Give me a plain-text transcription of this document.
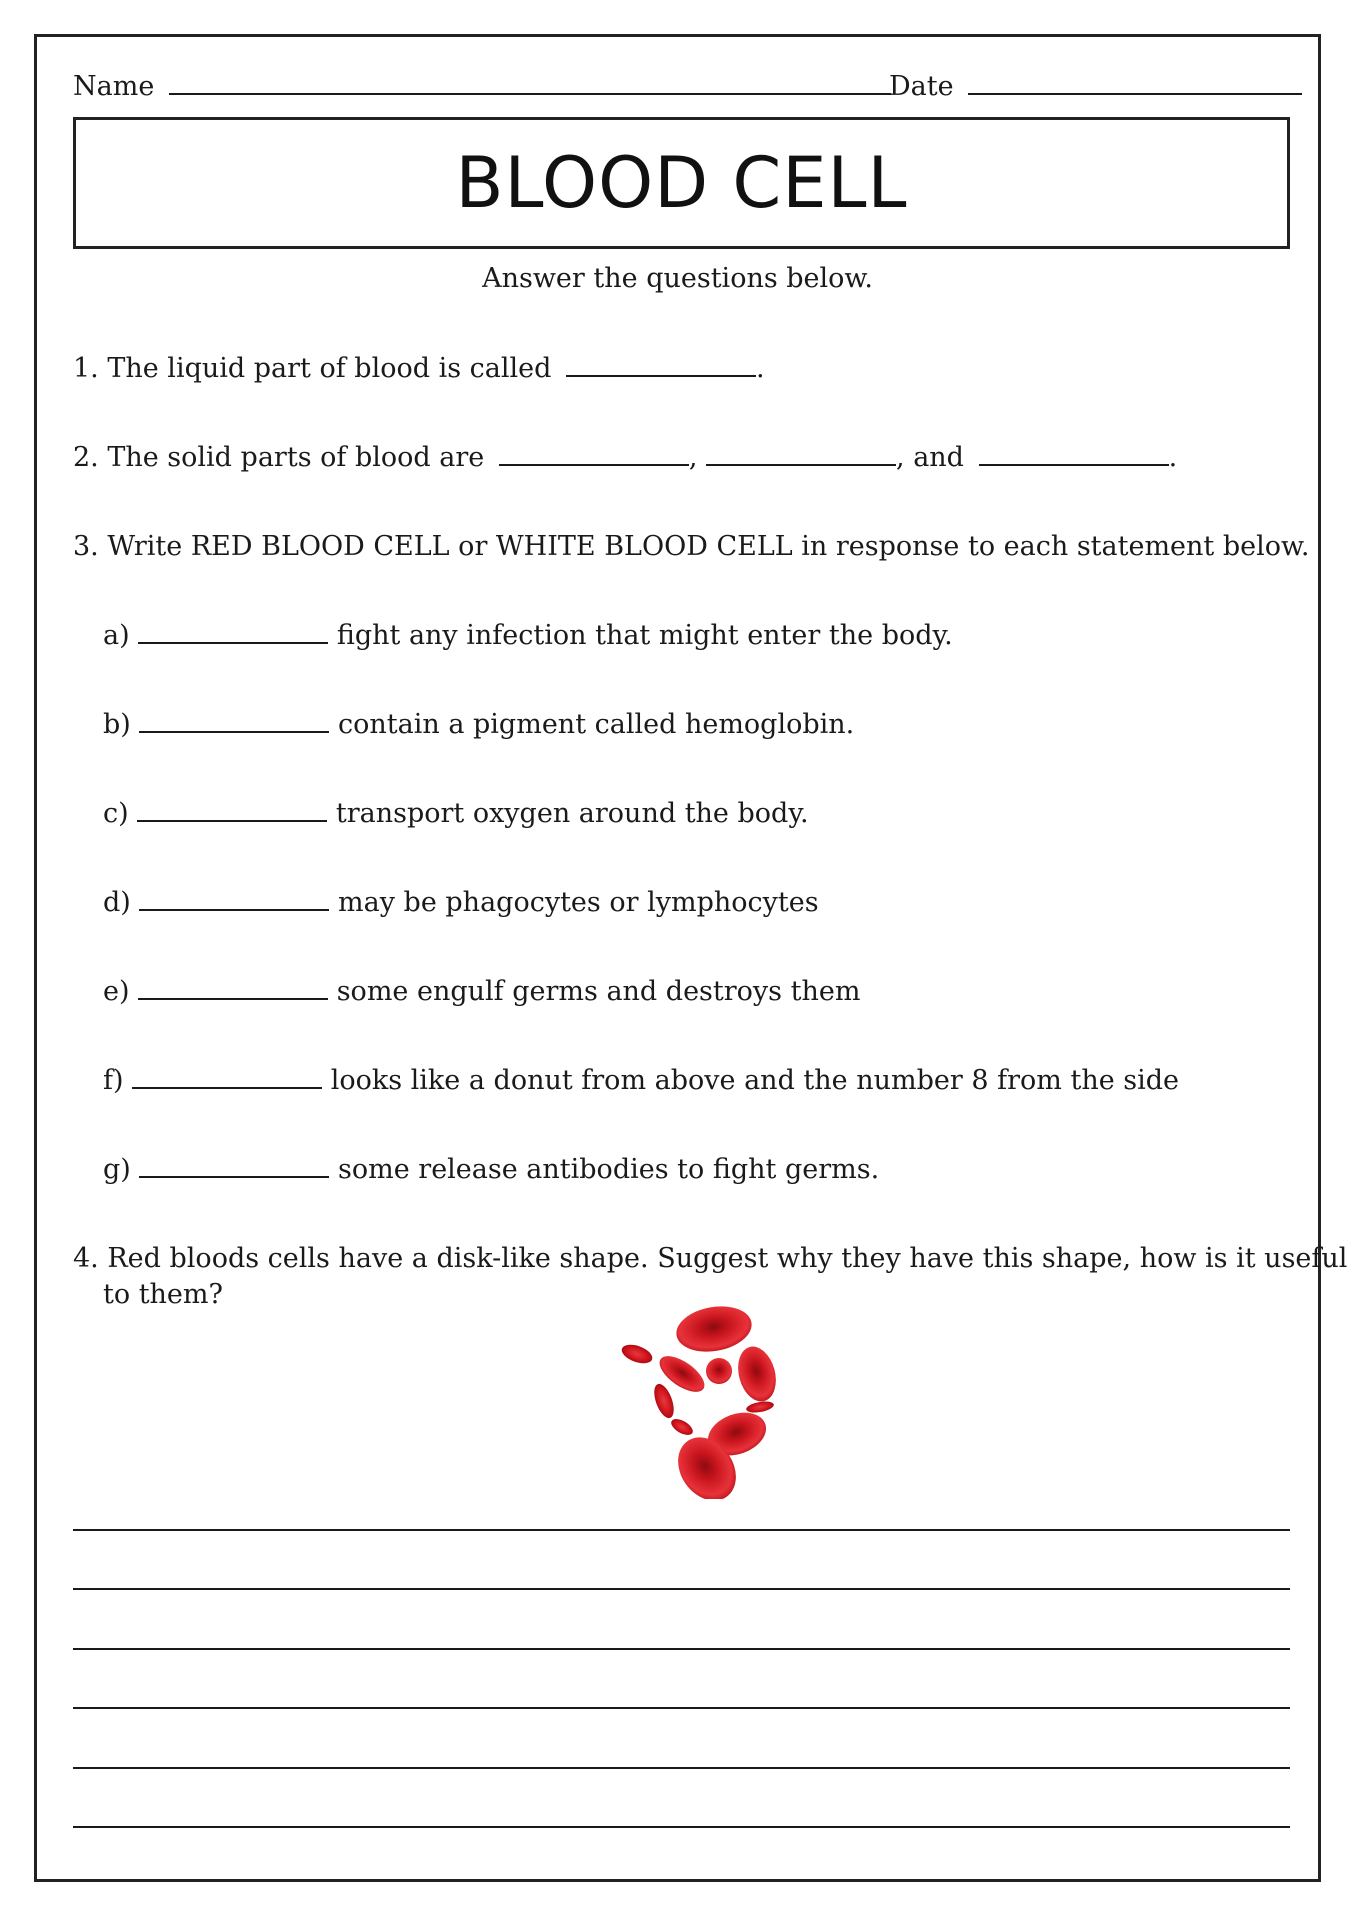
Name	Date
BLOOD CELL
Answer the questions below.
1. The liquid part of blood is called	.
2. The solid parts of blood are	,	, and	.
3. Write RED BLOOD CELL or WHITE BLOOD CELL in response to each statement below.
a)	fight any infection that might enter the body.
b)	contain a pigment called hemoglobin.
c)	transport oxygen around the body.
d)	may be phagocytes or lymphocytes
e)	some engulf germs and destroys them
f)	looks like a donut from above and the number 8 from the side
g)	some release antibodies to fight germs.
4. Red bloods cells have a disk-like shape. Suggest why they have this shape, how is it useful
to them?
